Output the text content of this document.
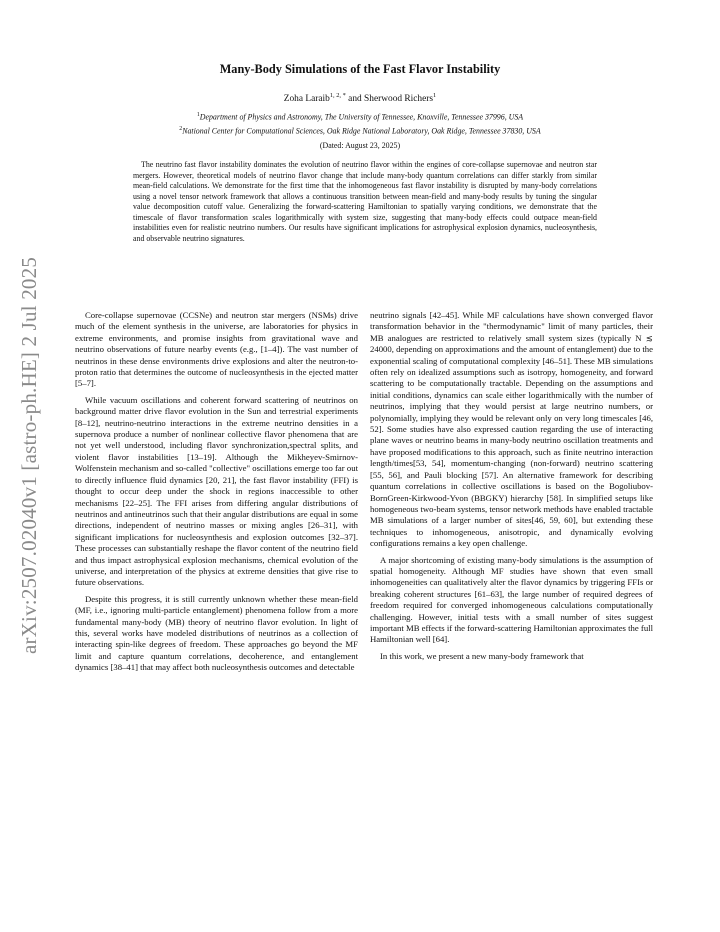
arXiv:2507.02040v1 [astro-ph.HE] 2 Jul 2025
Many-Body Simulations of the Fast Flavor Instability
Zoha Laraib$^{1, 2, *}$ and Sherwood Richers$^1$
$^1$Department of Physics and Astronomy, The University of Tennessee, Knoxville, Tennessee 37996, USA
$^2$National Center for Computational Sciences, Oak Ridge National Laboratory, Oak Ridge, Tennessee 37830, USA
(Dated: August 23, 2025)

The neutrino fast flavor instability dominates the evolution of neutrino flavor within the engines of core-collapse supernovae and neutron star mergers. However, theoretical models of neutrino flavor change that include many-body quantum correlations can differ starkly from similar mean-field calculations. We demonstrate for the first time that the inhomogeneous fast flavor instability is disrupted by many-body correlations using a novel tensor network framework that allows a continuous transition between mean-field and many-body results by tuning the singular value decomposition cutoff value. Generalizing the forward-scattering Hamiltonian to spatially varying conditions, we demonstrate that the timescale of flavor transformation scales logarithmically with system size, suggesting that many-body effects could outpace mean-field instabilities even for realistic neutrino numbers. Our results have significant implications for astrophysical explosion dynamics, nucleosynthesis, and observable neutrino signatures.

Core-collapse supernovae (CCSNe) and neutron star mergers (NSMs) drive much of the element synthesis in the universe, are laboratories for physics in extreme environments, and promise insights from gravitational wave and neutrino observations of future nearby events (e.g., [1–4]). The vast number of neutrinos in these dense environments drive explosions and alter the neutron-to-proton ratio that determines the outcome of nucleosynthesis in the ejected matter [5–7].

While vacuum oscillations and coherent forward scattering of neutrinos on background matter drive flavor evolution in the Sun and terrestrial experiments [8–12], neutrino-neutrino interactions in the extreme neutrino densities in a supernova produce a number of nonlinear collective flavor phenomena that are not yet well understood, including flavor synchronization,spectral splits, and violent flavor instabilities [13–19]. Although the Mikheyev-Smirnov-Wolfenstein mechanism and so-called "collective" oscillations emerge too far out to directly influence fluid dynamics [20, 21], the fast flavor instability (FFI) is thought to occur deep under the shock in regions inaccessible to other mechanisms [22–25]. The FFI arises from differing angular distributions of neutrinos and antineutrinos such that their angular distributions are equal in some directions, independent of neutrino masses or mixing angles [26–31], with significant implications for nucleosynthesis and explosion outcomes [32–37]. These processes can substantially reshape the flavor content of the neutrino field and thus impact astrophysical explosion mechanisms, chemical evolution of the universe, and interpretation of the physics at extreme densities that give rise to future observations.

Despite this progress, it is still currently unknown whether these mean-field (MF, i.e., ignoring multi-particle entanglement) phenomena follow from a more fundamental many-body (MB) theory of neutrino flavor evolution. In light of this, several works have modeled distributions of neutrinos as a collection of interacting spin-like degrees of freedom. These approaches go beyond the MF limit and capture quantum correlations, decoherence, and entanglement dynamics [38–41] that may affect both nucleosynthesis outcomes and detectable

neutrino signals [42–45]. While MF calculations have shown converged flavor transformation behavior in the "thermodynamic" limit of many particles, their MB analogues are restricted to relatively small system sizes (typically N ≲ 24000, depending on approximations and the amount of entanglement) due to the exponential scaling of computational complexity [46–51]. These MB simulations often rely on idealized assumptions such as isotropy, homogeneity, and forward scattering to be computationally tractable. Depending on the assumptions and initial conditions, dynamics can scale either logarithmically with the number of neutrinos, implying that they would persist at large neutrino numbers, or polynomially, implying they would be relevant only on very long timescales [46, 52]. Some studies have also expressed caution regarding the use of interacting plane waves or neutrino beams in many-body neutrino oscillation treatments and have proposed modifications to this approach, such as finite neutrino interaction length/times[53, 54], momentum-changing (non-forward) neutrino scattering [55, 56], and Pauli blocking [57]. An alternative framework for describing quantum correlations in collective oscillations is based on the Bogoliubov-BornGreen-Kirkwood-Yvon (BBGKY) hierarchy [58]. In simplified setups like homogeneous two-beam systems, tensor network methods have enabled tractable MB simulations of a larger number of sites[46, 59, 60], but extending these techniques to inhomogeneous, anisotropic, and dynamically evolving configurations remains a key open challenge.

A major shortcoming of existing many-body simulations is the assumption of spatial homogeneity. Although MF studies have shown that even small inhomogeneities can qualitatively alter the flavor dynamics by triggering FFIs or breaking coherent structures [61–63], the large number of required degrees of freedom required for converged inhomogeneous calculations computationally challenging. However, initial tests with a small number of sites suggest important MB effects if the forward-scattering Hamiltonian approximates the full Hamiltonian well [64].

In this work, we present a new many-body framework that
